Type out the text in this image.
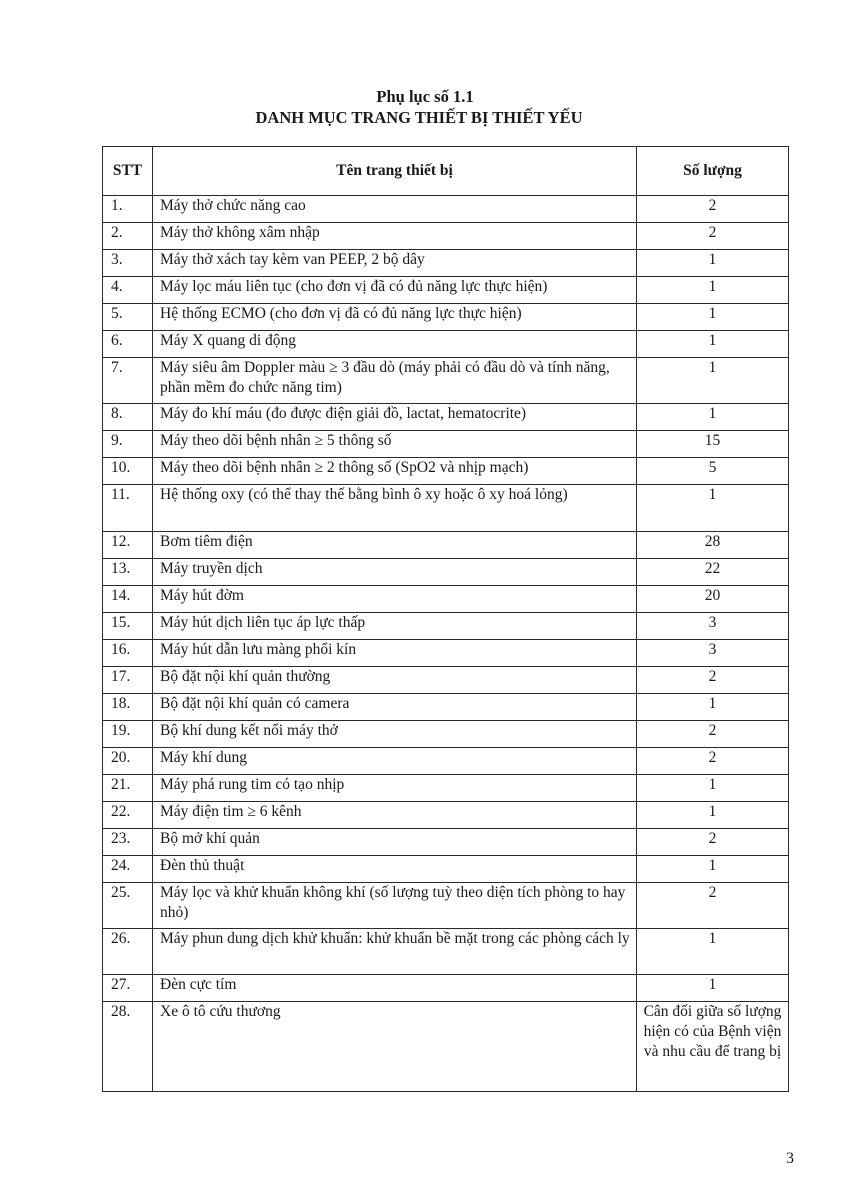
Phụ lục số 1.1
DANH MỤC TRANG THIẾT BỊ THIẾT YẾU
STT	Tên trang thiết bị	Số lượng
1.	Máy thở chức năng cao	2
2.	Máy thở không xâm nhập	2
3.	Máy thở xách tay kèm van PEEP, 2 bộ dây	1
4.	Máy lọc máu liên tục (cho đơn vị đã có đủ năng lực thực hiện)	1
5.	Hệ thống ECMO (cho đơn vị đã có đủ năng lực thực hiện)	1
6.	Máy X quang di động	1
7.	Máy siêu âm Doppler màu ≥ 3 đầu dò (máy phải có đầu dò và tính năng, phần mềm đo chức năng tim)	1
8.	Máy đo khí máu (đo được điện giải đồ, lactat, hematocrite)	1
9.	Máy theo dõi bệnh nhân ≥ 5 thông số	15
10.	Máy theo dõi bệnh nhân ≥ 2 thông số (SpO2 và nhịp mạch)	5
11.	Hệ thống oxy (có thể thay thế bằng bình ô xy hoặc ô xy hoá lỏng)	1
12.	Bơm tiêm điện	28
13.	Máy truyền dịch	22
14.	Máy hút đờm	20
15.	Máy hút dịch liên tục áp lực thấp	3
16.	Máy hút dẫn lưu màng phổi kín	3
17.	Bộ đặt nội khí quản thường	2
18.	Bộ đặt nội khí quản có camera	1
19.	Bộ khí dung kết nối máy thở	2
20.	Máy khí dung	2
21.	Máy phá rung tim có tạo nhịp	1
22.	Máy điện tim ≥ 6 kênh	1
23.	Bộ mở khí quản	2
24.	Đèn thủ thuật	1
25.	Máy lọc và khử khuẩn không khí (số lượng tuỳ theo diện tích phòng to hay nhỏ)	2
26.	Máy phun dung dịch khử khuẩn: khử khuẩn bề mặt trong các phòng cách ly	1
27.	Đèn cực tím	1
28.	Xe ô tô cứu thương	Cân đối giữa số lượng hiện có của Bệnh viện và nhu cầu để trang bị
3
